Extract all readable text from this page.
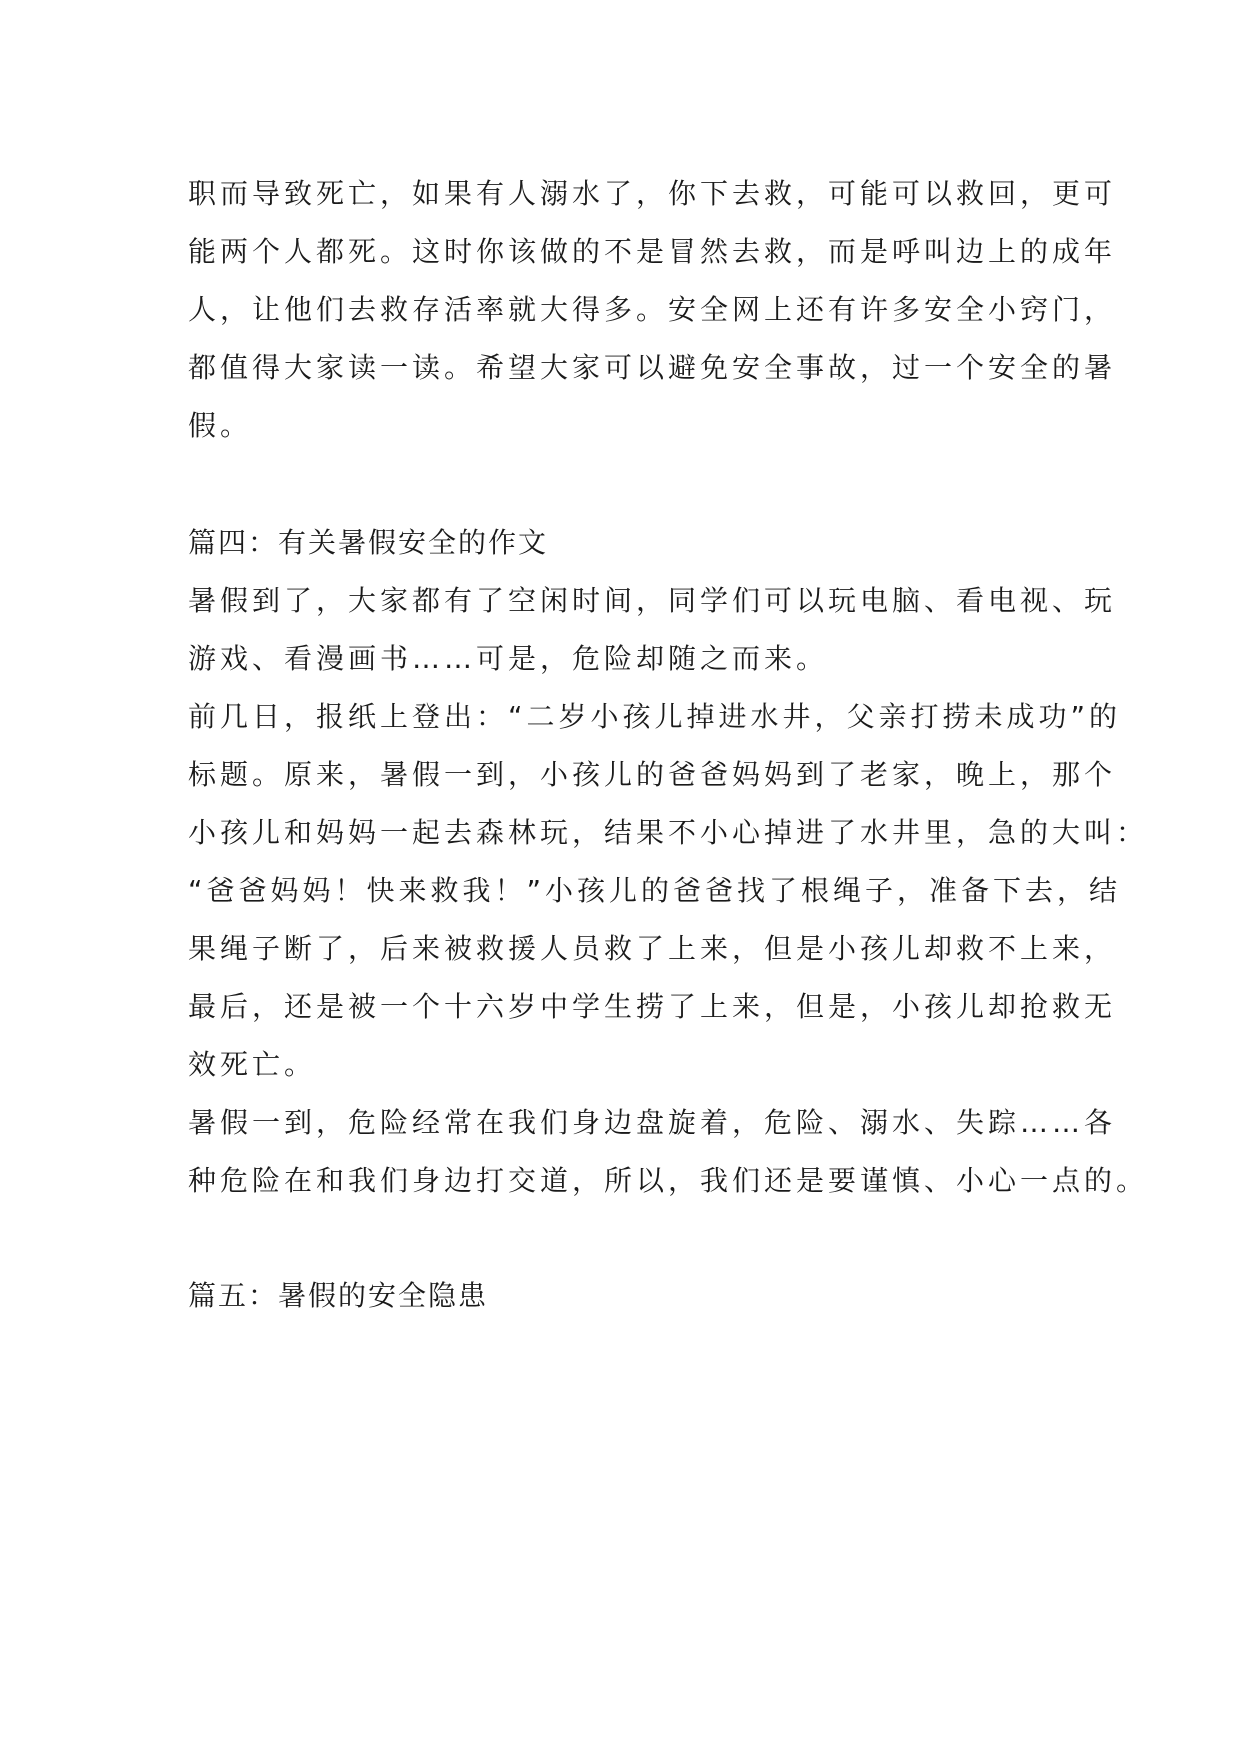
职而导致死亡，如果有人溺水了，你下去救，可能可以救回，更可
能两个人都死。这时你该做的不是冒然去救，而是呼叫边上的成年
人，让他们去救存活率就大得多。安全网上还有许多安全小窍门，
都值得大家读一读。希望大家可以避免安全事故，过一个安全的暑
假。
篇四：有关暑假安全的作文
暑假到了，大家都有了空闲时间，同学们可以玩电脑、看电视、玩
游戏、看漫画书……可是，危险却随之而来。
前几日，报纸上登出：“二岁小孩儿掉进水井，父亲打捞未成功”的
标题。原来，暑假一到，小孩儿的爸爸妈妈到了老家，晚上，那个
小孩儿和妈妈一起去森林玩，结果不小心掉进了水井里，急的大叫：
“爸爸妈妈！快来救我！”小孩儿的爸爸找了根绳子，准备下去，结
果绳子断了，后来被救援人员救了上来，但是小孩儿却救不上来，
最后，还是被一个十六岁中学生捞了上来，但是，小孩儿却抢救无
效死亡。
暑假一到，危险经常在我们身边盘旋着，危险、溺水、失踪……各
种危险在和我们身边打交道，所以，我们还是要谨慎、小心一点的。
篇五：暑假的安全隐患
